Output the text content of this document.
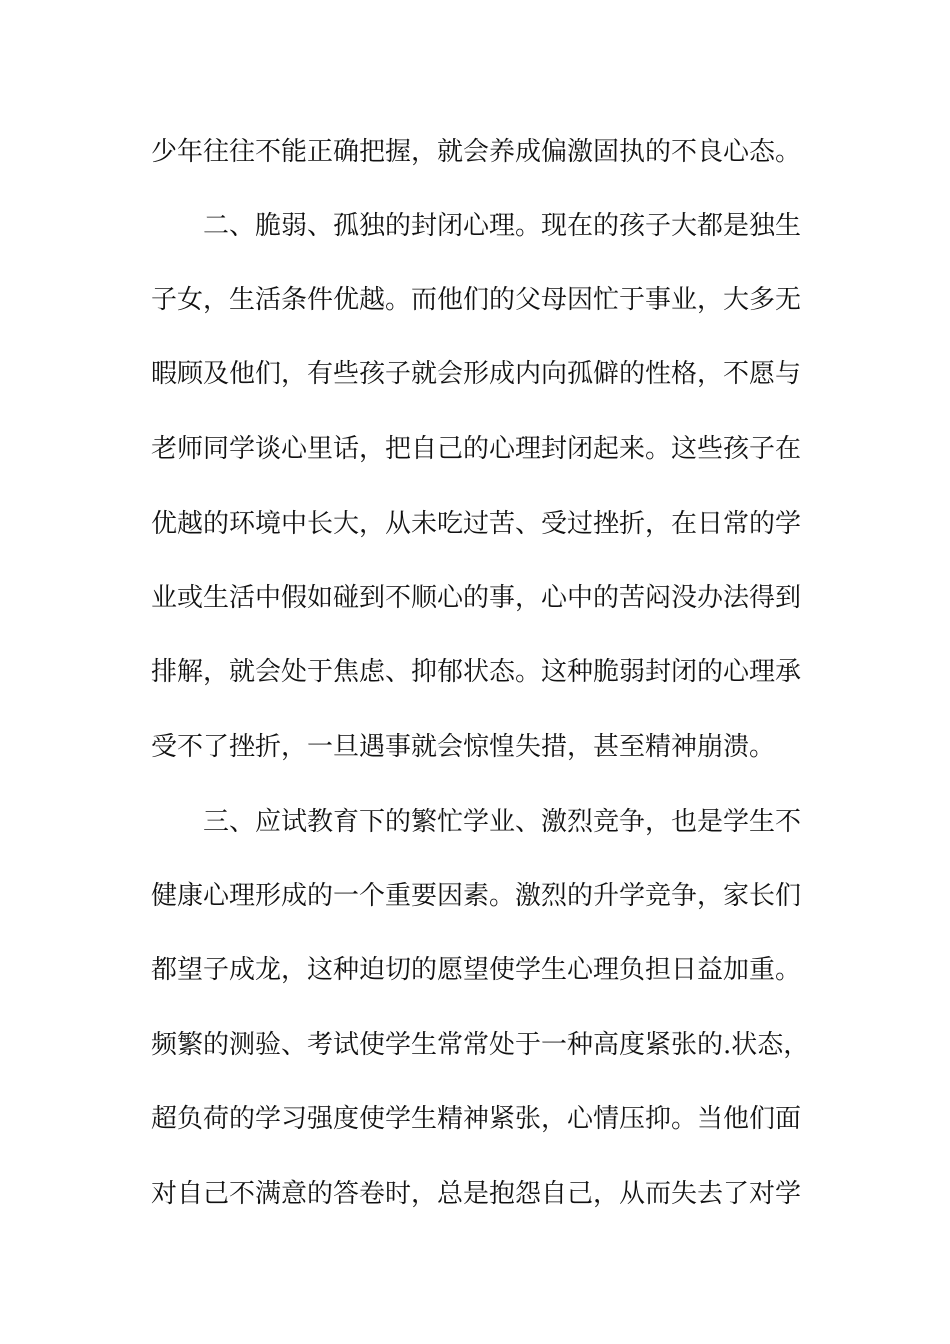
少年往往不能正确把握，就会养成偏激固执的不良心态。
二、脆弱、孤独的封闭心理。现在的孩子大都是独生
子女，生活条件优越。而他们的父母因忙于事业，大多无
暇顾及他们，有些孩子就会形成内向孤僻的性格，不愿与
老师同学谈心里话，把自己的心理封闭起来。这些孩子在
优越的环境中长大，从未吃过苦、受过挫折，在日常的学
业或生活中假如碰到不顺心的事，心中的苦闷没办法得到
排解，就会处于焦虑、抑郁状态。这种脆弱封闭的心理承
受不了挫折，一旦遇事就会惊惶失措，甚至精神崩溃。
三、应试教育下的繁忙学业、激烈竞争，也是学生不
健康心理形成的一个重要因素。激烈的升学竞争，家长们
都望子成龙，这种迫切的愿望使学生心理负担日益加重。
频繁的测验、考试使学生常常处于一种高度紧张的.状态，
超负荷的学习强度使学生精神紧张，心情压抑。当他们面
对自己不满意的答卷时，总是抱怨自己，从而失去了对学
